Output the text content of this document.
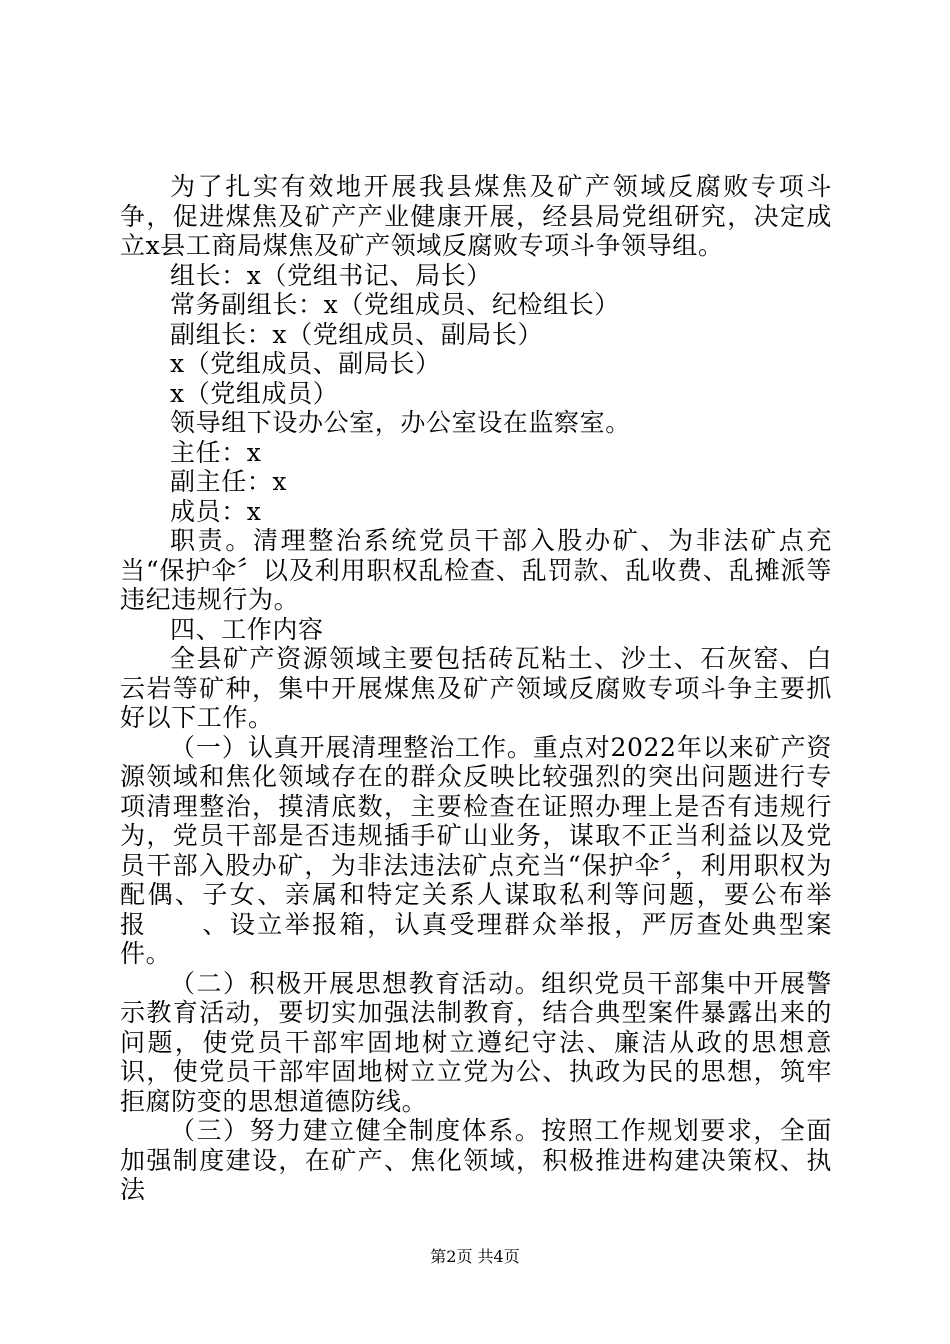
为了扎实有效地开展我县煤焦及矿产领域反腐败专项斗争，促进煤焦及矿产产业健康开展，经县局党组研究，决定成立x县工商局煤焦及矿产领域反腐败专项斗争领导组。

组长：x（党组书记、局长）

常务副组长：x（党组成员、纪检组长）

副组长：x（党组成员、副局长）

x（党组成员、副局长）

x（党组成员）

领导组下设办公室，办公室设在监察室。

主任：x

副主任：x

成员：x

职责。清理整治系统党员干部入股办矿、为非法矿点充当“保护伞〞以及利用职权乱检查、乱罚款、乱收费、乱摊派等违纪违规行为。

四、工作内容

全县矿产资源领域主要包括砖瓦粘土、沙土、石灰窑、白云岩等矿种，集中开展煤焦及矿产领域反腐败专项斗争主要抓好以下工作。

（一）认真开展清理整治工作。重点对2022年以来矿产资源领域和焦化领域存在的群众反映比较强烈的突出问题进行专项清理整治，摸清底数，主要检查在证照办理上是否有违规行为，党员干部是否违规插手矿山业务，谋取不正当利益以及党员干部入股办矿，为非法违法矿点充当“保护伞〞，利用职权为配偶、子女、亲属和特定关系人谋取私利等问题，要公布举报　　、设立举报箱，认真受理群众举报，严厉查处典型案件。

（二）积极开展思想教育活动。组织党员干部集中开展警示教育活动，要切实加强法制教育，结合典型案件暴露出来的问题，使党员干部牢固地树立遵纪守法、廉洁从政的思想意识，使党员干部牢固地树立立党为公、执政为民的思想，筑牢拒腐防变的思想道德防线。

（三）努力建立健全制度体系。按照工作规划要求，全面加强制度建设，在矿产、焦化领域，积极推进构建决策权、执法

第2页 共4页
